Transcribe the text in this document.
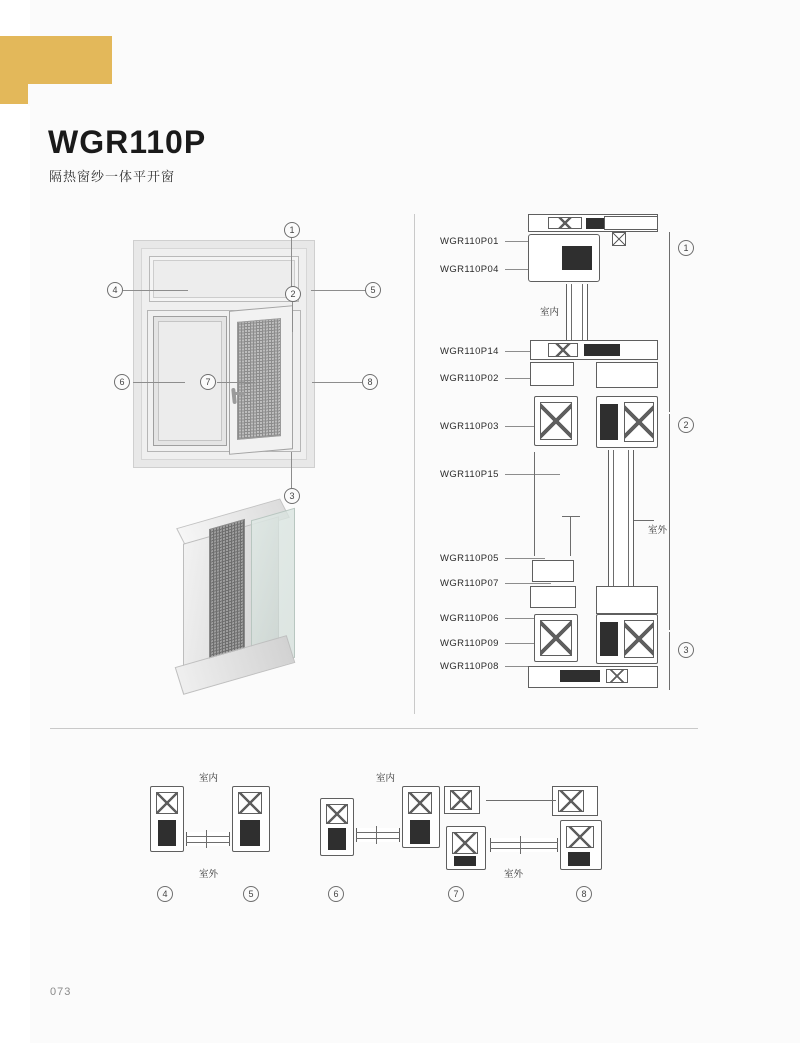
WGR110P
隔热窗纱一体平开窗
073
1
4	5
2
6	7	8
3
WGR110P01
WGR110P04
室内
WGR110P14
WGR110P02
WGR110P03
WGR110P15
室外
WGR110P05
WGR110P07
WGR110P06
WGR110P09
WGR110P08
1
2
3
室内
室外
4	5
室内
室外
6	7	8
